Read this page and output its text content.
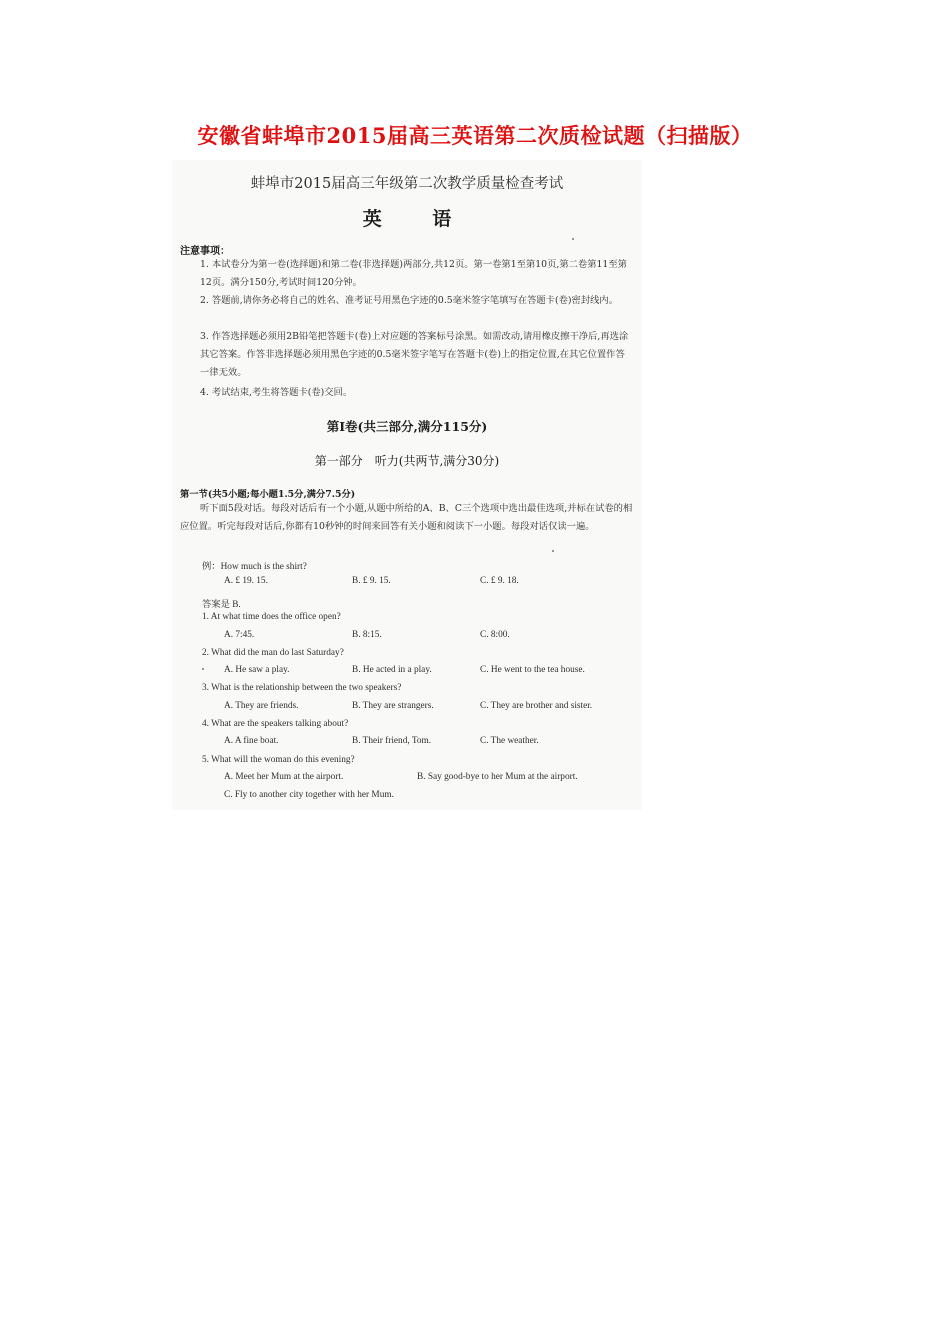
安徽省蚌埠市2015届高三英语第二次质检试题（扫描版）
蚌埠市2015届高三年级第二次教学质量检查考试
英 语
注意事项：
1. 本试卷分为第一卷(选择题)和第二卷(非选择题)两部分,共12页。第一卷第1至第10页,第二卷第11至第12页。满分150分,考试时间120分钟。
2. 答题前,请你务必将自己的姓名、准考证号用黑色字迹的0.5毫米签字笔填写在答题卡(卷)密封线内。
3. 作答选择题必须用2B铅笔把答题卡(卷)上对应题的答案标号涂黑。如需改动,请用橡皮擦干净后,再选涂其它答案。作答非选择题必须用黑色字迹的0.5毫米签字笔写在答题卡(卷)上的指定位置,在其它位置作答一律无效。
4. 考试结束,考生将答题卡(卷)交回。
第Ⅰ卷(共三部分,满分115分)
第一部分　听力(共两节,满分30分)
第一节(共5小题;每小题1.5分,满分7.5分)
听下面5段对话。每段对话后有一个小题,从题中所给的A、B、C三个选项中选出最佳选项,并标在试卷的相应位置。听完每段对话后,你都有10秒钟的时间来回答有关小题和阅读下一小题。每段对话仅读一遍。
例：How much is the shirt?
A. £ 19. 15.	B. £ 9. 15.	C. £ 9. 18.
答案是 B.
1. At what time does the office open?
A. 7:45.	B. 8:15.	C. 8:00.
2. What did the man do last Saturday?
A. He saw a play.	B. He acted in a play.	C. He went to the tea house.
3. What is the relationship between the two speakers?
A. They are friends.	B. They are strangers.	C. They are brother and sister.
4. What are the speakers talking about?
A. A fine boat.	B. Their friend, Tom.	C. The weather.
5. What will the woman do this evening?
A. Meet her Mum at the airport.	B. Say good-bye to her Mum at the airport.
C. Fly to another city together with her Mum.
